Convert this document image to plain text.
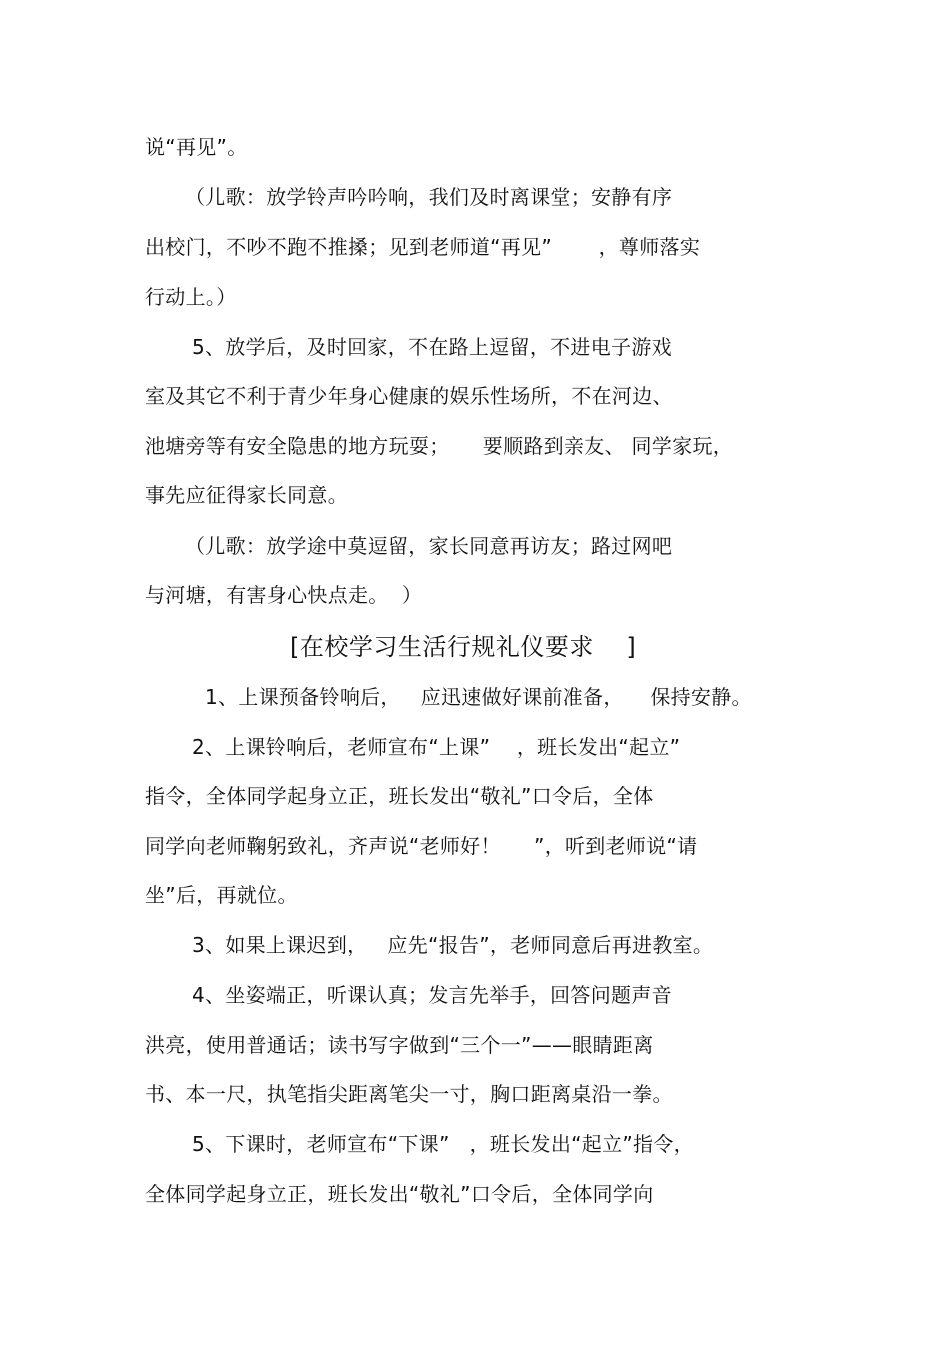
说“再见”。
（儿歌：放学铃声吟吟响，我们及时离课堂；安静有序
出校门，不吵不跑不推搡；见到老师道“再见”       ，尊师落实
行动上。）
5、放学后，及时回家，不在路上逗留，不进电子游戏
室及其它不利于青少年身心健康的娱乐性场所，不在河边、
池塘旁等有安全隐患的地方玩耍；     要顺路到亲友、 同学家玩，
事先应征得家长同意。
（儿歌：放学途中莫逗留，家长同意再访友；路过网吧
与河塘，有害身心快点走。  ）
[在校学习生活行规礼仪要求    ]
1、上课预备铃响后，   应迅速做好课前准备，    保持安静。
2、上课铃响后，老师宣布“上课”    ，班长发出“起立”
指令，全体同学起身立正，班长发出“敬礼”口令后，全体
同学向老师鞠躬致礼，齐声说“老师好！     ”，听到老师说“请
坐”后，再就位。
3、如果上课迟到，   应先“报告”，老师同意后再进教室。
4、坐姿端正，听课认真；发言先举手，回答问题声音
洪亮，使用普通话；读书写字做到“三个一”——眼睛距离
书、本一尺，执笔指尖距离笔尖一寸，胸口距离桌沿一拳。
5、下课时，老师宣布“下课”   ，班长发出“起立”指令，
全体同学起身立正，班长发出“敬礼”口令后，全体同学向
